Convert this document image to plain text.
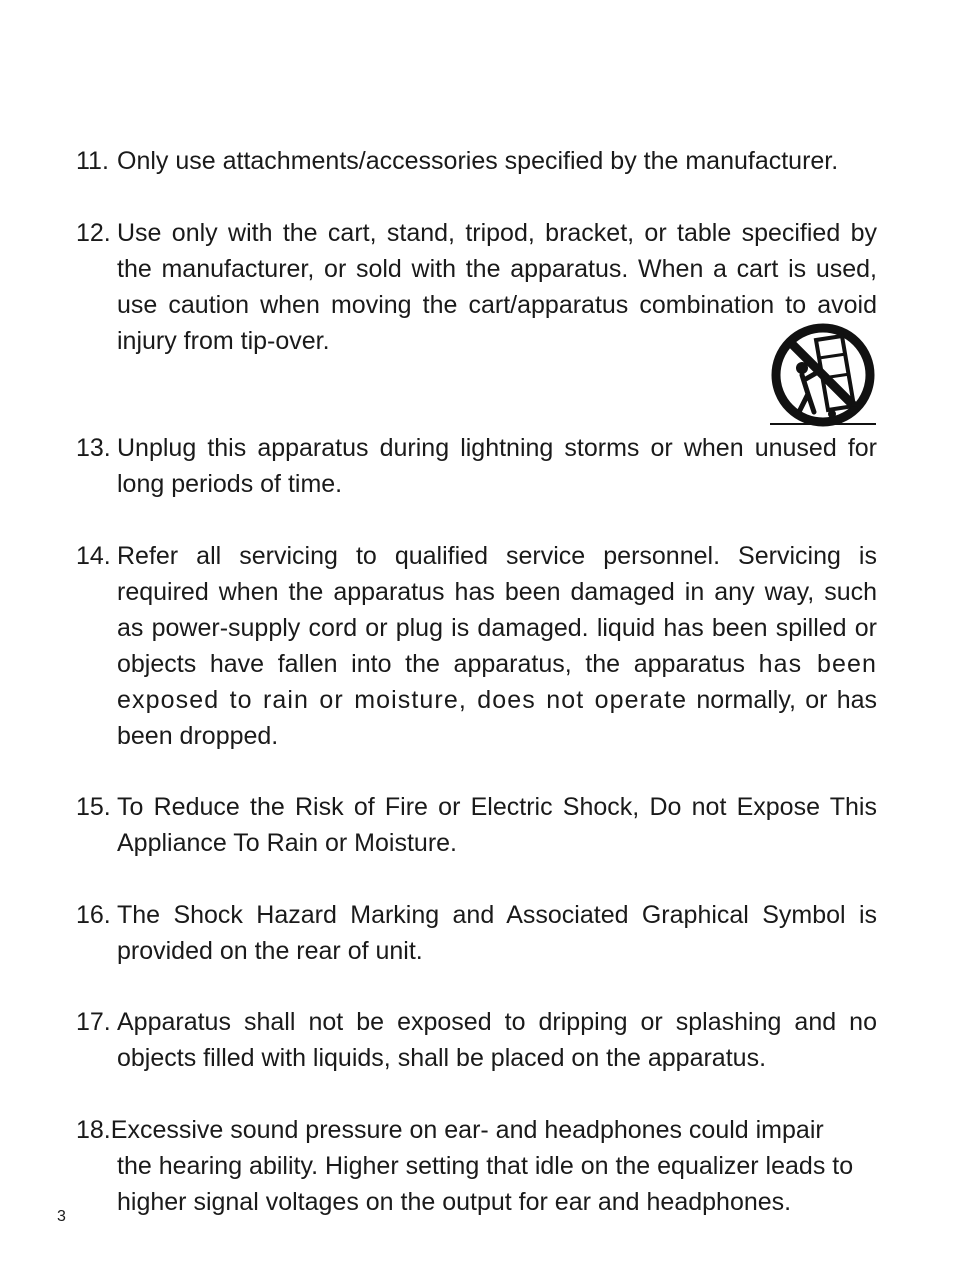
11. Only use attachments/accessories specified by the manufacturer.
12. Use only with the cart, stand, tripod, bracket, or table specified by the manufacturer, or sold with the apparatus. When a cart is used, use caution when moving the cart/apparatus combination to avoid injury from tip-over.
13. Unplug this apparatus during lightning storms or when unused for long periods of time.
14. Refer all servicing to qualified service personnel. Servicing is required when the apparatus has been damaged in any way, such as power-supply cord or plug is damaged. liquid has been spilled or objects have fallen into the apparatus, the apparatus has been exposed to rain or moisture, does not operate normally, or has been dropped.
15. To Reduce the Risk of Fire or Electric Shock, Do not Expose This Appliance To Rain or Moisture.
16. The Shock Hazard Marking and Associated Graphical Symbol is provided on the rear of unit.
17. Apparatus shall not be exposed to dripping or splashing and no objects filled with liquids, shall be placed on the apparatus.
18.Excessive sound pressure on ear- and headphones could impair
the hearing ability. Higher setting that idle on the equalizer leads to higher signal voltages on the output for ear and headphones.
3
